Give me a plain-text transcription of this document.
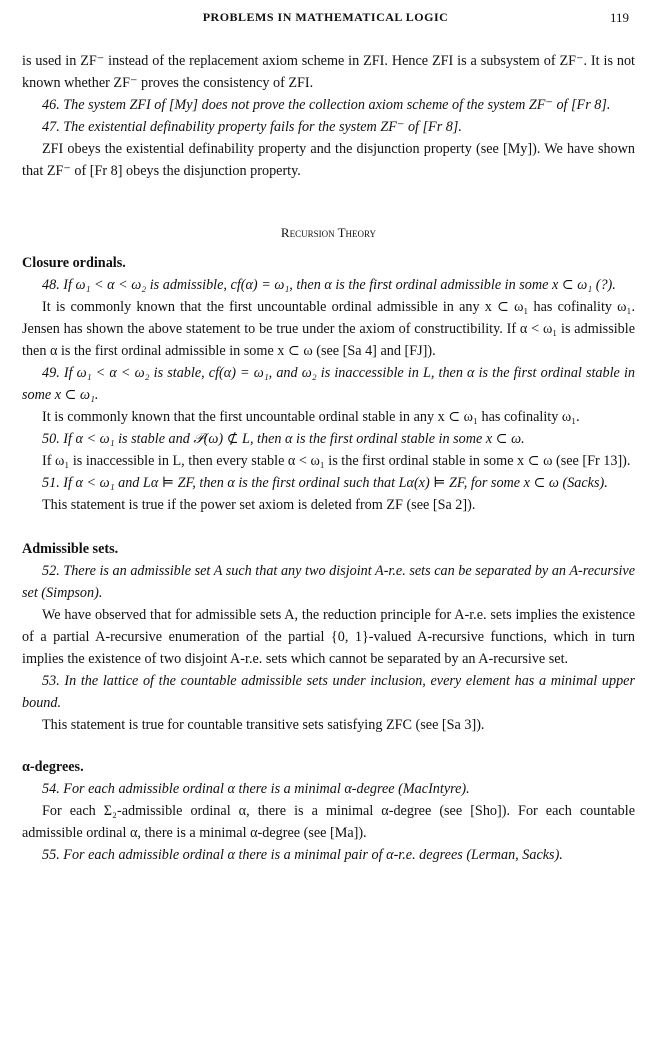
PROBLEMS IN MATHEMATICAL LOGIC	119

is used in ZF⁻ instead of the replacement axiom scheme in ZFI. Hence ZFI is a subsystem of ZF⁻. It is not known whether ZF⁻ proves the consistency of ZFI.

46. The system ZFI of [My] does not prove the collection axiom scheme of the system ZF⁻ of [Fr 8].

47. The existential definability property fails for the system ZF⁻ of [Fr 8].

ZFI obeys the existential definability property and the disjunction property (see [My]). We have shown that ZF⁻ of [Fr 8] obeys the disjunction property.

Recursion Theory

Closure ordinals.

48. If ω₁ < α < ω₂ is admissible, cf(α) = ω₁, then α is the first ordinal admissible in some x ⊂ ω₁ (?).

It is commonly known that the first uncountable ordinal admissible in any x ⊂ ω₁ has cofinality ω₁. Jensen has shown the above statement to be true under the axiom of constructibility. If α < ω₁ is admissible then α is the first ordinal admissible in some x ⊂ ω (see [Sa 4] and [FJ]).

49. If ω₁ < α < ω₂ is stable, cf(α) = ω₁, and ω₂ is inaccessible in L, then α is the first ordinal stable in some x ⊂ ω₁.

It is commonly known that the first uncountable ordinal stable in any x ⊂ ω₁ has cofinality ω₁.

50. If α < ω₁ is stable and 𝒫(ω) ⊄ L, then α is the first ordinal stable in some x ⊂ ω.

If ω₁ is inaccessible in L, then every stable α < ω₁ is the first ordinal stable in some x ⊂ ω (see [Fr 13]).

51. If α < ω₁ and Lα ⊨ ZF, then α is the first ordinal such that Lα(x) ⊨ ZF, for some x ⊂ ω (Sacks).

This statement is true if the power set axiom is deleted from ZF (see [Sa 2]).

Admissible sets.

52. There is an admissible set A such that any two disjoint A-r.e. sets can be separated by an A-recursive set (Simpson).

We have observed that for admissible sets A, the reduction principle for A-r.e. sets implies the existence of a partial A-recursive enumeration of the partial {0, 1}-valued A-recursive functions, which in turn implies the existence of two disjoint A-r.e. sets which cannot be separated by an A-recursive set.

53. In the lattice of the countable admissible sets under inclusion, every element has a minimal upper bound.

This statement is true for countable transitive sets satisfying ZFC (see [Sa 3]).

α-degrees.

54. For each admissible ordinal α there is a minimal α-degree (MacIntyre).

For each Σ₂-admissible ordinal α, there is a minimal α-degree (see [Sho]). For each countable admissible ordinal α, there is a minimal α-degree (see [Ma]).

55. For each admissible ordinal α there is a minimal pair of α-r.e. degrees (Lerman, Sacks).
